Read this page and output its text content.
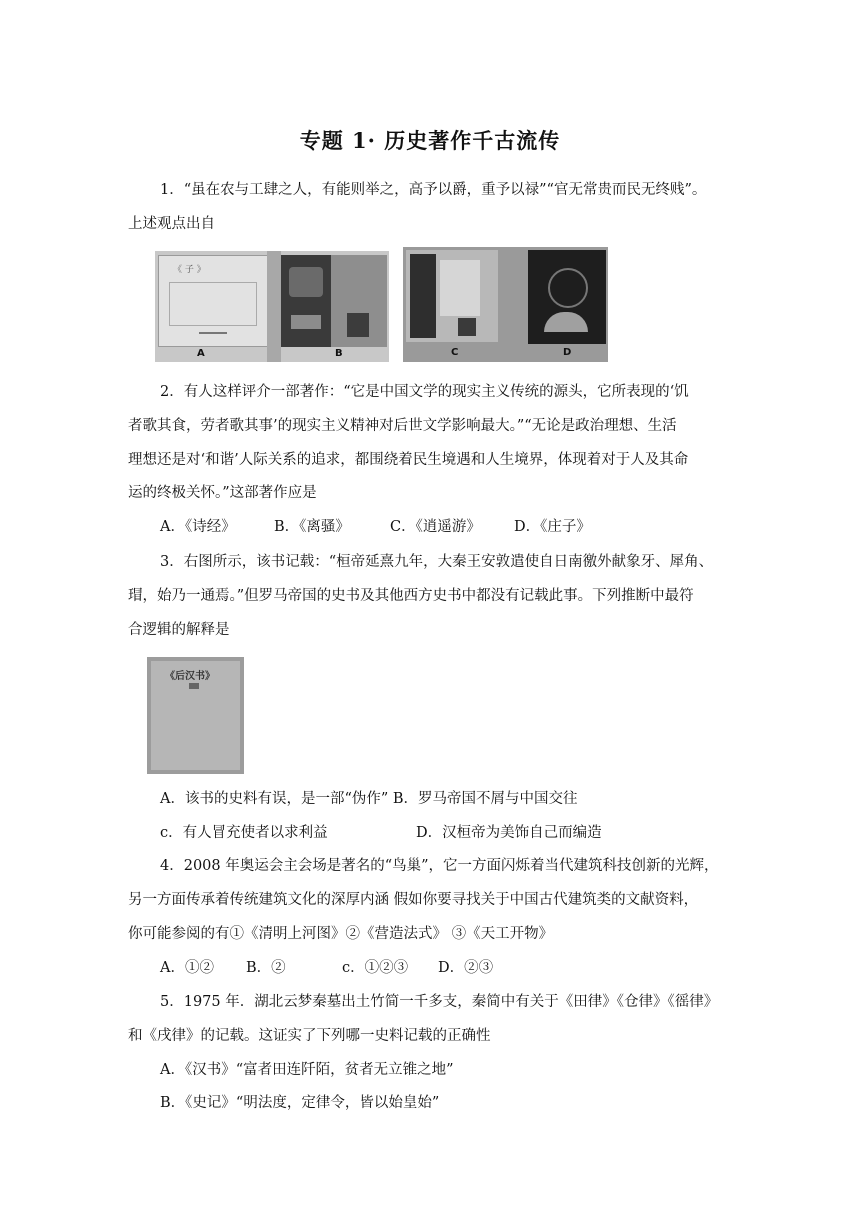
专题 1· 历史著作千古流传
1．“虽在农与工肆之人，有能则举之，高予以爵，重予以禄”“官无常贵而民无终贱”。
上述观点出自
《 子 》
A	B	C	D
2．有人这样评介一部著作：“它是中国文学的现实主义传统的源头，它所表现的‘饥
者歌其食，劳者歌其事’的现实主义精神对后世文学影响最大。”“无论是政治理想、生活
理想还是对‘和谐’人际关系的追求，都围绕着民生境遇和人生境界，体现着对于人及其命
运的终极关怀。”这部著作应是
A．《诗经》	B．《离骚》	C．《逍遥游》 D．《庄子》
3．右图所示，该书记载：“桓帝延熹九年，大秦王安敦遣使自日南徼外献象牙、犀角、
瑁，始乃一通焉。”但罗马帝国的史书及其他西方史书中都没有记载此事。下列推断中最符
合逻辑的解释是
《后汉书》
A．该书的史料有误，是一部“伪作” B．罗马帝国不屑与中国交往
c．有人冒充使者以求利益	D．汉桓帝为美饰自己而编造
4．2008 年奥运会主会场是著名的“鸟巢”，它一方面闪烁着当代建筑科技创新的光辉，
另一方面传承着传统建筑文化的深厚内涵 假如你要寻找关于中国古代建筑类的文献资料，
你可能参阅的有①《清明上河图》②《营造法式》 ③《天工开物》
A．①② B．②	c．①②③ D．②③
5．1975 年．湖北云梦秦墓出土竹简一千多支，秦简中有关于《田律》《仓律》《徭律》
和《戌律》的记载。这证实了下列哪一史料记载的正确性
A．《汉书》“富者田连阡陌，贫者无立锥之地”
B．《史记》“明法度，定律令，皆以始皇始”
